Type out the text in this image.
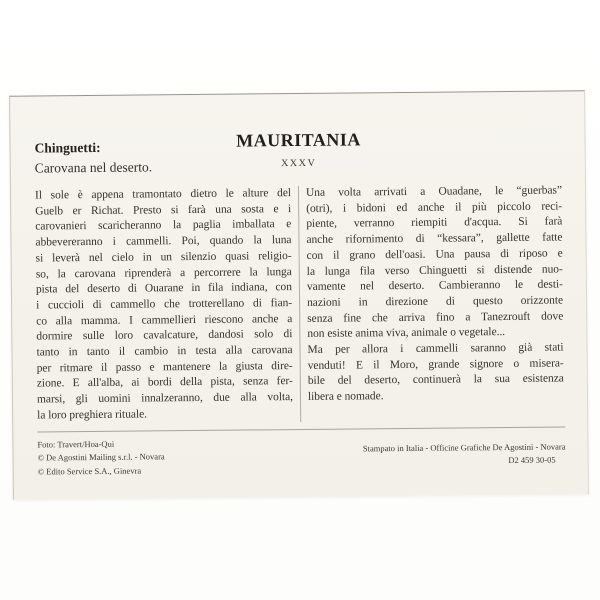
Chinguetti:
Carovana nel deserto.
MAURITANIA
XXXV
Il sole è appena tramontato dietro le alture del
Guelb er Richat. Presto si farà una sosta e i
carovanieri scaricheranno la paglia imballata e
abbevereranno i cammelli. Poi, quando la luna
si leverà nel cielo in un silenzio quasi religio-
so, la carovana riprenderà a percorrere la lunga
pista del deserto di Ouarane in fila indiana, con
i cuccioli di cammello che trotterellano di fian-
co alla mamma. I cammellieri riescono anche a
dormire sulle loro cavalcature, dandosi solo di
tanto in tanto il cambio in testa alla carovana
per ritmare il passo e mantenere la giusta dire-
zione. E all'alba, ai bordi della pista, senza fer-
marsi, gli uomini innalzeranno, due alla volta,
la loro preghiera rituale.
Una volta arrivati a Ouadane, le “guerbas”
(otri), i bidoni ed anche il più piccolo reci-
piente, verranno riempiti d'acqua. Si farà
anche rifornimento di “kessara”, gallette fatte
con il grano dell'oasi. Una pausa di riposo e
la lunga fila verso Chinguetti si distende nuo-
vamente nel deserto. Cambieranno le desti-
nazioni in direzione di questo orizzonte
senza fine che arriva fino a Tanezrouft dove
non esiste anima viva, animale o vegetale...
Ma per allora i cammelli saranno già stati
venduti! E il Moro, grande signore o misera-
bile del deserto, continuerà la sua esistenza
libera e nomade.
Foto: Travert/Hoa-Qui
© De Agostini Mailing s.r.l. - Novara
© Edito Service S.A., Ginevra
Stampato in Italia - Officine Grafiche De Agostini - Novara
D2 459 30-05
